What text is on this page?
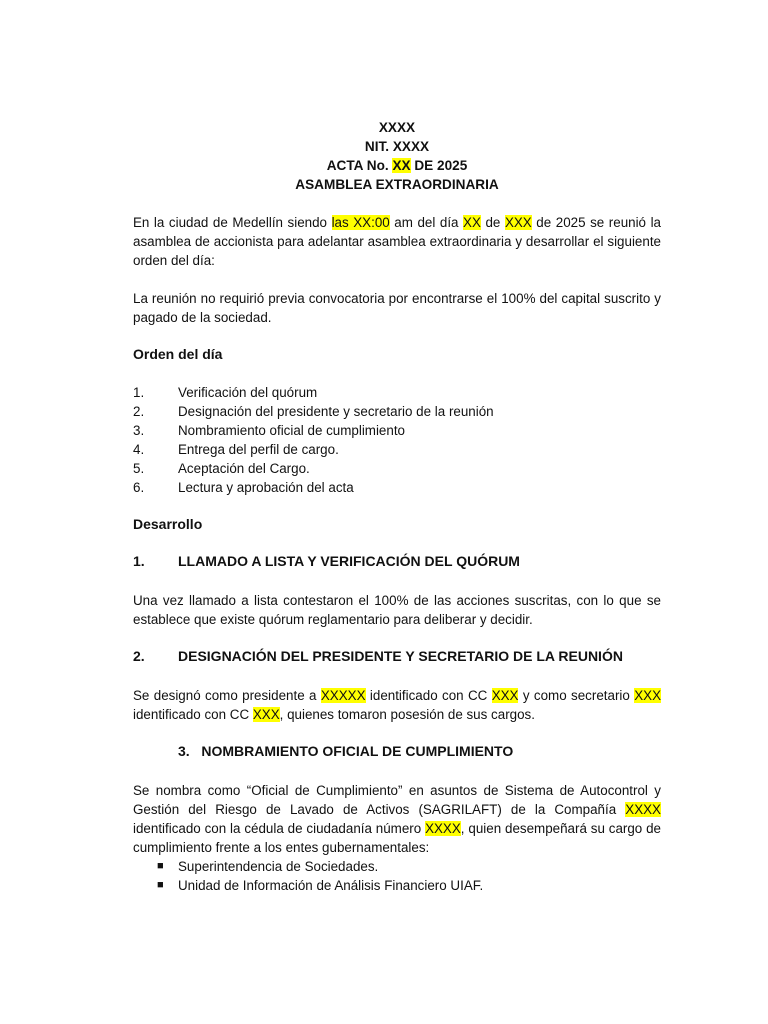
XXXX
NIT. XXXX
ACTA No. XX DE 2025
ASAMBLEA EXTRAORDINARIA

En la ciudad de Medellín siendo las XX:00 am del día XX de XXX de 2025 se reunió la asamblea de accionista para adelantar asamblea extraordinaria y desarrollar el siguiente orden del día:

La reunión no requirió previa convocatoria por encontrarse el 100% del capital suscrito y pagado de la sociedad.

Orden del día
1.	Verificación del quórum
2.	Designación del presidente y secretario de la reunión
3.	Nombramiento oficial de cumplimiento
4.	Entrega del perfil de cargo.
5.	Aceptación del Cargo.
6.	Lectura y aprobación del acta
Desarrollo
1.	LLAMADO A LISTA Y VERIFICACIÓN DEL QUÓRUM

Una vez llamado a lista contestaron el 100% de las acciones suscritas, con lo que se establece que existe quórum reglamentario para deliberar y decidir.

2.	DESIGNACIÓN DEL PRESIDENTE Y SECRETARIO DE LA REUNIÓN

Se designó como presidente a XXXXX identificado con CC XXX y como secretario XXX identificado con CC XXX, quienes tomaron posesión de sus cargos.

3.   NOMBRAMIENTO OFICIAL DE CUMPLIMIENTO

Se nombra como “Oficial de Cumplimiento” en asuntos de Sistema de Autocontrol y Gestión del Riesgo de Lavado de Activos (SAGRILAFT) de la Compañía XXXX identificado con la cédula de ciudadanía número XXXX, quien desempeñará su cargo de cumplimiento frente a los entes gubernamentales:

■	Superintendencia de Sociedades.
■	Unidad de Información de Análisis Financiero UIAF.
